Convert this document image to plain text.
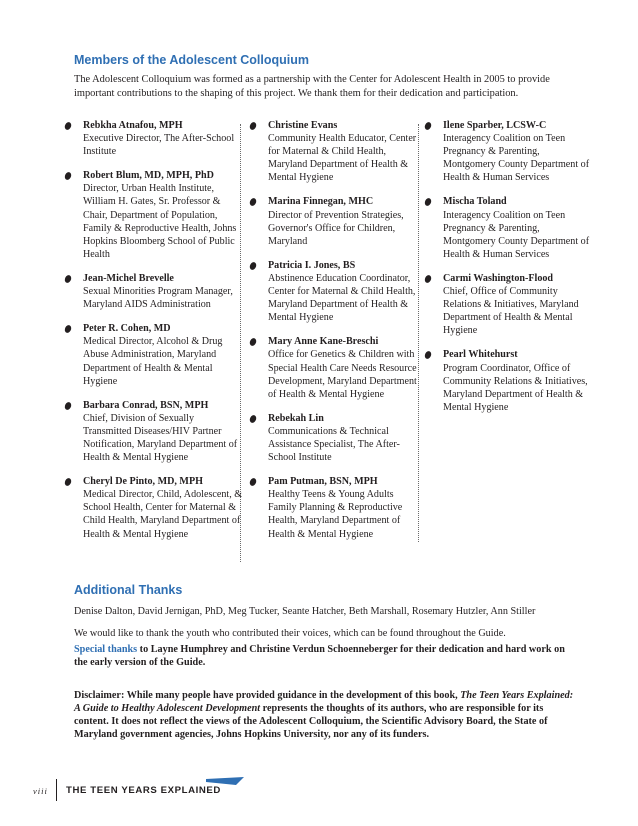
Members of the Adolescent Colloquium

The Adolescent Colloquium was formed as a partnership with the Center for Adolescent Health in 2005 to provide important contributions to the shaping of this project. We thank them for their dedication and participation.

Rebkha Atnafou, MPH
Executive Director, The After-School Institute
Robert Blum, MD, MPH, PhD
Director, Urban Health Institute, William H. Gates, Sr. Professor & Chair, Department of Population, Family & Reproductive Health, Johns Hopkins Bloomberg School of Public Health
Jean-Michel Brevelle
Sexual Minorities Program Manager, Maryland AIDS Administration
Peter R. Cohen, MD
Medical Director, Alcohol & Drug Abuse Administration, Maryland Department of Health & Mental Hygiene
Barbara Conrad, BSN, MPH
Chief, Division of Sexually Transmitted Diseases/HIV Partner Notification, Maryland Department of Health & Mental Hygiene
Cheryl De Pinto, MD, MPH
Medical Director, Child, Adolescent, & School Health, Center for Maternal & Child Health, Maryland Department of Health & Mental Hygiene
Christine Evans
Community Health Educator, Center for Maternal & Child Health, Maryland Department of Health & Mental Hygiene
Marina Finnegan, MHC
Director of Prevention Strategies, Governor's Office for Children, Maryland
Patricia I. Jones, BS
Abstinence Education Coordinator, Center for Maternal & Child Health, Maryland Department of Health & Mental Hygiene
Mary Anne Kane-Breschi
Office for Genetics & Children with Special Health Care Needs Resource Development, Maryland Department of Health & Mental Hygiene
Rebekah Lin
Communications & Technical Assistance Specialist, The After-School Institute
Pam Putman, BSN, MPH
Healthy Teens & Young Adults Family Planning & Reproductive Health, Maryland Department of Health & Mental Hygiene
Ilene Sparber, LCSW-C
Interagency Coalition on Teen Pregnancy & Parenting, Montgomery County Department of Health & Human Services
Mischa Toland
Interagency Coalition on Teen Pregnancy & Parenting, Montgomery County Department of Health & Human Services
Carmi Washington-Flood
Chief, Office of Community Relations & Initiatives, Maryland Department of Health & Mental Hygiene
Pearl Whitehurst
Program Coordinator, Office of Community Relations & Initiatives, Maryland Department of Health & Mental Hygiene
Additional Thanks

Denise Dalton, David Jernigan, PhD, Meg Tucker, Seante Hatcher, Beth Marshall, Rosemary Hutzler, Ann Stiller

We would like to thank the youth who contributed their voices, which can be found throughout the Guide.

Special thanks to Layne Humphrey and Christine Verdun Schoenneberger for their dedication and hard work on the early version of the Guide.

Disclaimer: While many people have provided guidance in the development of this book, The Teen Years Explained: A Guide to Healthy Adolescent Development represents the thoughts of its authors, who are responsible for its content. It does not reflect the views of the Adolescent Colloquium, the Scientific Advisory Board, the State of Maryland government agencies, Johns Hopkins University, nor any of its funders.

viii THE TEEN YEARS EXPLAINED
